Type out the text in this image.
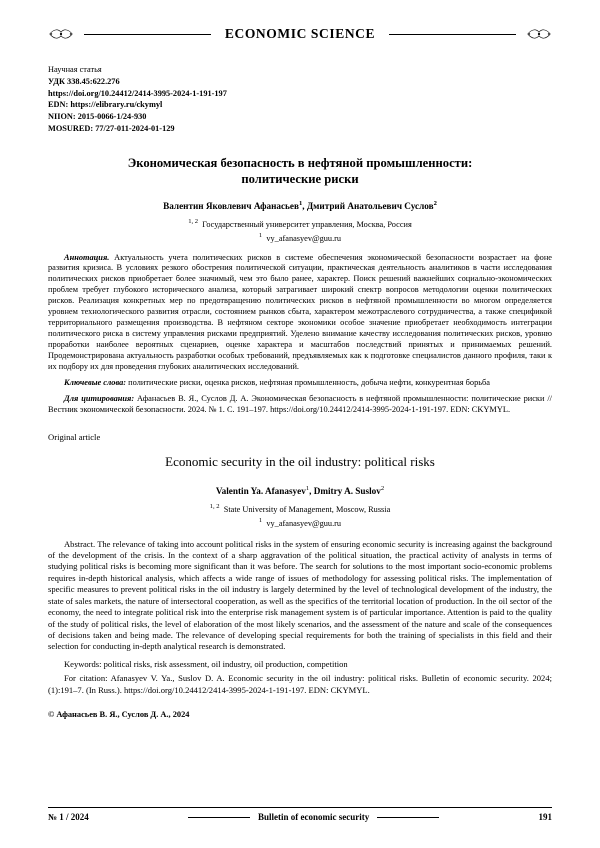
ECONOMIC SCIENCE
Научная статья
УДК 338.45:622.276
https://doi.org/10.24412/2414-3995-2024-1-191-197
EDN: https://elibrary.ru/ckymyl
NIION: 2015-0066-1/24-930
MOSURED: 77/27-011-2024-01-129
Экономическая безопасность в нефтяной промышленности:
политические риски
Валентин Яковлевич Афанасьев$^1$, Дмитрий Анатольевич Суслов$^2$
$^{1, 2}$ Государственный университет управления, Москва, Россия
$^1$ vy_afanasyev@guu.ru
Аннотация. Актуальность учета политических рисков в системе обеспечения экономической безопасности возрастает на фоне развития кризиса. В условиях резкого обострения политической ситуации, практическая деятельность аналитиков в части исследования политических рисков приобретает более значимый, чем это было ранее, характер. Поиск решений важнейших социально-экономических проблем требует глубокого исторического анализа, который затрагивает широкий спектр вопросов методологии оценки политических рисков. Реализация конкретных мер по предотвращению политических рисков в нефтяной промышленности во многом определяется уровнем технологического развития отрасли, состоянием рынков сбыта, характером межотраслевого сотрудничества, а также спецификой территориального размещения производства. В нефтяном секторе экономики особое значение приобретает необходимость интеграции политического риска в систему управления рисками предприятий. Уделено внимание качеству исследования политических рисков, уровню проработки наиболее вероятных сценариев, оценке характера и масштабов последствий принятых и принимаемых решений. Продемонстрирована актуальность разработки особых требований, предъявляемых как к подготовке специалистов данного профиля, таки к их подбору их для проведения глубоких аналитических исследований.
Ключевые слова: политические риски, оценка рисков, нефтяная промышленность, добыча нефти, конкурентная борьба
Для цитирования: Афанасьев В. Я., Суслов Д. А. Экономическая безопасность в нефтяной промышленности: политические риски // Вестник экономической безопасности. 2024. № 1. С. 191–197. https://doi.org/10.24412/2414-3995-2024-1-191-197. EDN: CKYMYL.
Original article
Economic security in the oil industry: political risks
Valentin Ya. Afanasyev$^1$, Dmitry A. Suslov$^2$
$^{1, 2}$ State University of Management, Moscow, Russia
$^1$ vy_afanasyev@guu.ru
Abstract. The relevance of taking into account political risks in the system of ensuring economic security is increasing against the background of the development of the crisis. In the context of a sharp aggravation of the political situation, the practical activity of analysts in terms of studying political risks is becoming more significant than it was before. The search for solutions to the most important socio-economic problems requires in-depth historical analysis, which affects a wide range of issues of methodology for assessing political risks. The implementation of specific measures to prevent political risks in the oil industry is largely determined by the level of technological development of the industry, the state of sales markets, the nature of intersectoral cooperation, as well as the specifics of the territorial location of production. In the oil sector of the economy, the need to integrate political risk into the enterprise risk management system is of particular importance. Attention is paid to the quality of the study of political risks, the level of elaboration of the most likely scenarios, and the assessment of the nature and scale of the consequences of decisions taken and being made. The relevance of developing special requirements for both the training of specialists in this field and their selection for conducting in-depth analytical research is demonstrated.
Keywords: political risks, risk assessment, oil industry, oil production, competition
For citation: Afanasyev V. Ya., Suslov D. A. Economic security in the oil industry: political risks. Bulletin of economic security. 2024;(1):191–7. (In Russ.). https://doi.org/10.24412/2414-3995-2024-1-191-197. EDN: CKYMYL.
© Афанасьев В. Я., Суслов Д. А., 2024
№ 1 / 2024	Bulletin of economic security	191
